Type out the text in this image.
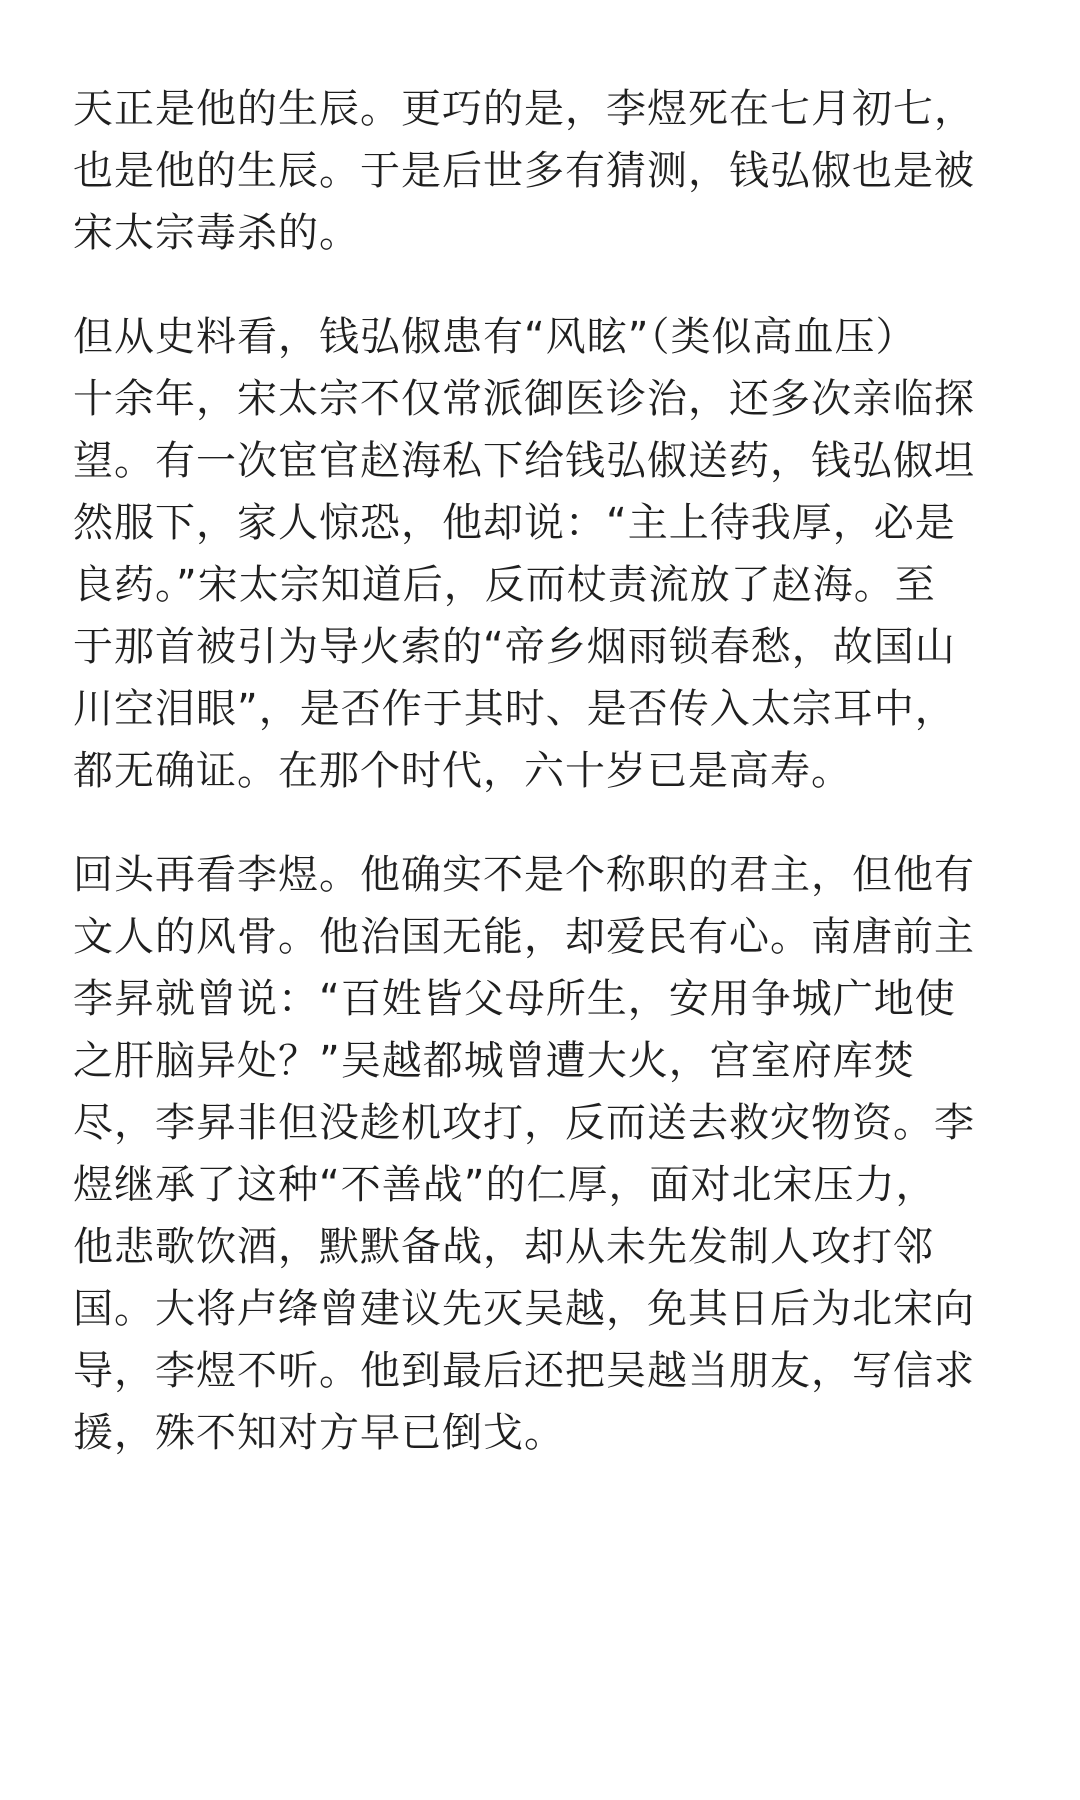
天正是他的生辰。更巧的是，李煜死在七月初七，
也是他的生辰。于是后世多有猜测，钱弘俶也是被
宋太宗毒杀的。

但从史料看，钱弘俶患有“风眩”（类似高血压）
十余年，宋太宗不仅常派御医诊治，还多次亲临探
望。有一次宦官赵海私下给钱弘俶送药，钱弘俶坦
然服下，家人惊恐，他却说：“主上待我厚，必是
良药。”宋太宗知道后，反而杖责流放了赵海。至
于那首被引为导火索的“帝乡烟雨锁春愁，故国山
川空泪眼”，是否作于其时、是否传入太宗耳中，
都无确证。在那个时代，六十岁已是高寿。

回头再看李煜。他确实不是个称职的君主，但他有
文人的风骨。他治国无能，却爱民有心。南唐前主
李昇就曾说：“百姓皆父母所生，安用争城广地使
之肝脑异处？”吴越都城曾遭大火，宫室府库焚
尽，李昇非但没趁机攻打，反而送去救灾物资。李
煜继承了这种“不善战”的仁厚，面对北宋压力，
他悲歌饮酒，默默备战，却从未先发制人攻打邻
国。大将卢绛曾建议先灭吴越，免其日后为北宋向
导，李煜不听。他到最后还把吴越当朋友，写信求
援，殊不知对方早已倒戈。
